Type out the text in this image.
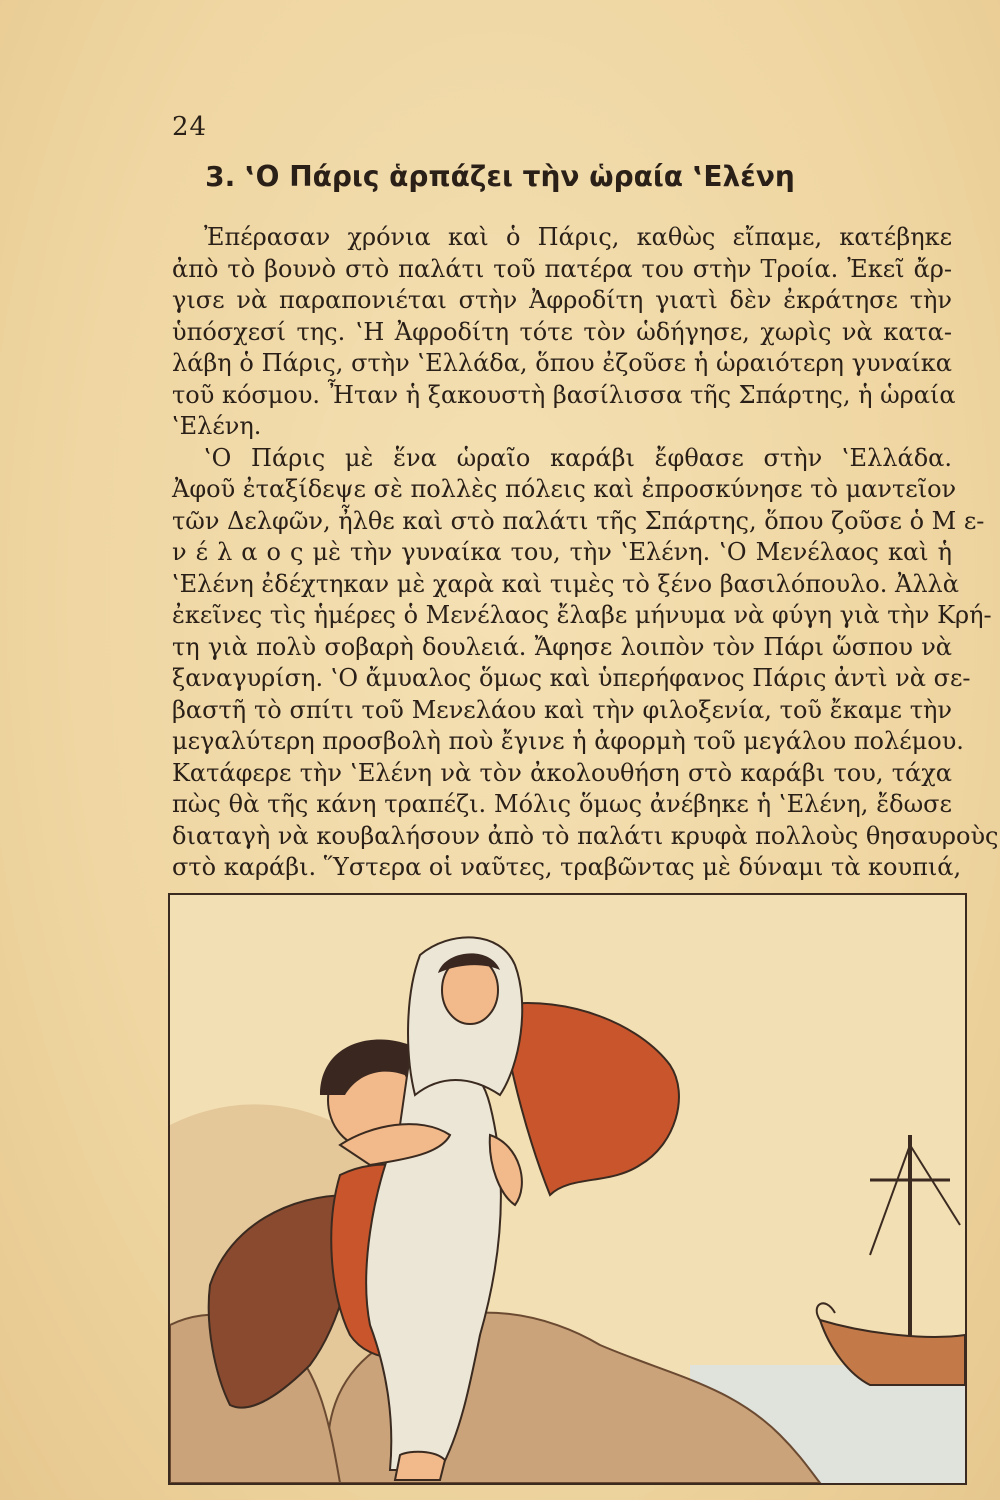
24
3. ‛Ο Πάρις ἁρπάζει τὴν ὡραία ‛Ελένη

Ἐπέρασαν χρόνια καὶ ὁ Πάρις, καθὼς εἴπαμε, κατέβηκε
ἀπὸ τὸ βουνὸ στὸ παλάτι τοῦ πατέρα του στὴν Τροία. Ἐκεῖ ἄρ-
γισε νὰ παραπονιέται στὴν Ἀφροδίτη γιατὶ δὲν ἐκράτησε τὴν
ὑπόσχεσί της. ‛Η Ἀφροδίτη τότε τὸν ὡδήγησε, χωρὶς νὰ κατα-
λάβη ὁ Πάρις, στὴν ‛Ελλάδα, ὅπου ἐζοῦσε ἡ ὡραιότερη γυναίκα
τοῦ κόσμου. Ἦταν ἡ ξακουστὴ βασίλισσα τῆς Σπάρτης, ἡ ὡραία
‛Ελένη.

‛Ο Πάρις μὲ ἕνα ὡραῖο καράβι ἔφθασε στὴν ‛Ελλάδα.
Ἀφοῦ ἐταξίδεψε σὲ πολλὲς πόλεις καὶ ἐπροσκύνησε τὸ μαντεῖον
τῶν Δελφῶν, ἦλθε καὶ στὸ παλάτι τῆς Σπάρτης, ὅπου ζοῦσε ὁ Μ ε-
ν έ λ α ο ς μὲ τὴν γυναίκα του, τὴν ‛Ελένη. ‛Ο Μενέλαος καὶ ἡ
‛Ελένη ἐδέχτηκαν μὲ χαρὰ καὶ τιμὲς τὸ ξένο βασιλόπουλο. Ἀλλὰ
ἐκεῖνες τὶς ἡμέρες ὁ Μενέλαος ἔλαβε μήνυμα νὰ φύγη γιὰ τὴν Κρή-
τη γιὰ πολὺ σοβαρὴ δουλειά. Ἄφησε λοιπὸν τὸν Πάρι ὥσπου νὰ
ξαναγυρίση. ‛Ο ἄμυαλος ὅμως καὶ ὑπερήφανος Πάρις ἀντὶ νὰ σε-
βαστῆ τὸ σπίτι τοῦ Μενελάου καὶ τὴν φιλοξενία, τοῦ ἔκαμε τὴν
μεγαλύτερη προσβολὴ ποὺ ἔγινε ἡ ἀφορμὴ τοῦ μεγάλου πολέμου.
Κατάφερε τὴν ‛Ελένη νὰ τὸν ἀκολουθήση στὸ καράβι του, τάχα
πὼς θὰ τῆς κάνη τραπέζι. Μόλις ὅμως ἀνέβηκε ἡ ‛Ελένη, ἔδωσε
διαταγὴ νὰ κουβαλήσουν ἀπὸ τὸ παλάτι κρυφὰ πολλοὺς θησαυροὺς
στὸ καράβι. Ὕστερα οἱ ναῦτες, τραβῶντας μὲ δύναμι τὰ κουπιά,
